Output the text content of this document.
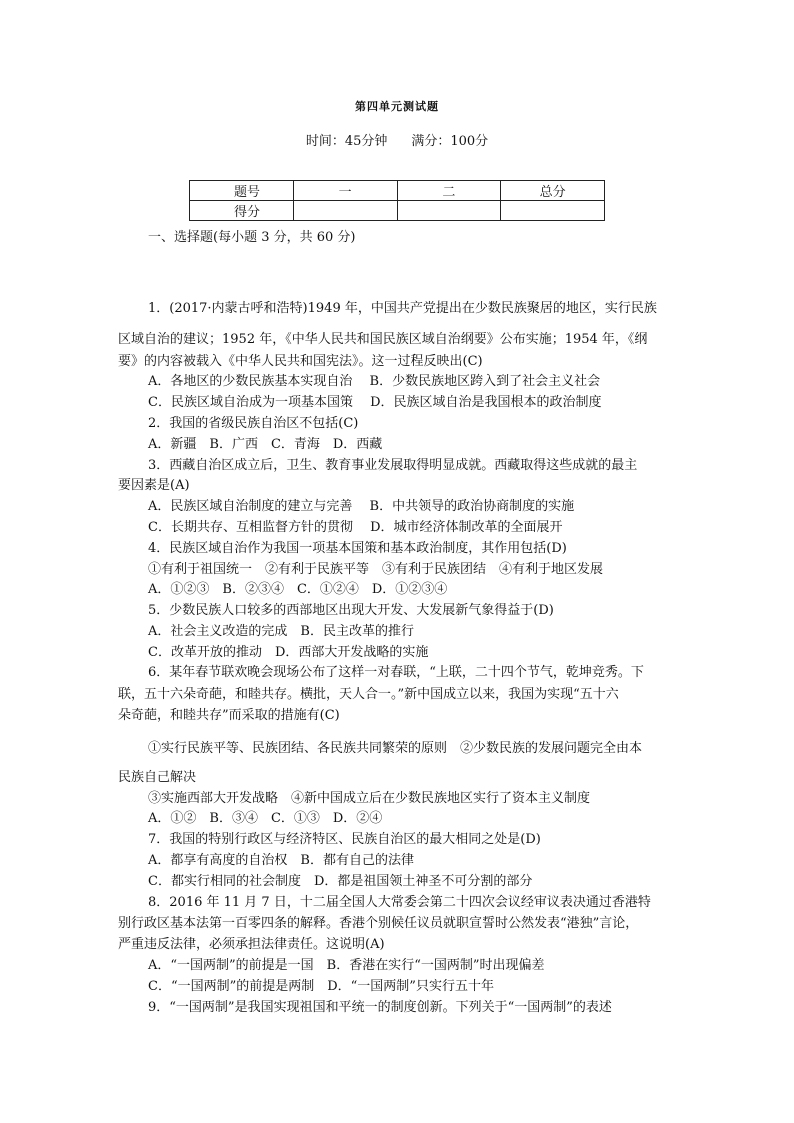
第四单元测试题
时间：45分钟 满分：100分
题号	一	二	总分
得分			
一、选择题(每小题 3 分，共 60 分)
1．(2017·内蒙古呼和浩特)1949 年，中国共产党提出在少数民族聚居的地区，实行民族
区域自治的建议；1952 年，《中华人民共和国民族区域自治纲要》公布实施；1954 年，《纲
要》的内容被载入《中华人民共和国宪法》。这一过程反映出(C)
A．各地区的少数民族基本实现自治　 B．少数民族地区跨入到了社会主义社会
C．民族区域自治成为一项基本国策　 D．民族区域自治是我国根本的政治制度
2．我国的省级民族自治区不包括(C)
A．新疆　B．广西　C．青海　D．西藏
3．西藏自治区成立后，卫生、教育事业发展取得明显成就。西藏取得这些成就的最主
要因素是(A)
A．民族区域自治制度的建立与完善　 B．中共领导的政治协商制度的实施
C．长期共存、互相监督方针的贯彻　 D．城市经济体制改革的全面展开
4．民族区域自治作为我国一项基本国策和基本政治制度，其作用包括(D)
①有利于祖国统一　②有利于民族平等　③有利于民族团结　④有利于地区发展
A．①②③　B．②③④　C．①②④　D．①②③④
5．少数民族人口较多的西部地区出现大开发、大发展新气象得益于(D)
A．社会主义改造的完成　B．民主改革的推行
C．改革开放的推动　D．西部大开发战略的实施
6．某年春节联欢晚会现场公布了这样一对春联，“上联，二十四个节气，乾坤竞秀。下
联，五十六朵奇葩，和睦共存。横批，天人合一。”新中国成立以来，我国为实现“五十六
朵奇葩，和睦共存”而采取的措施有(C)
①实行民族平等、民族团结、各民族共同繁荣的原则　②少数民族的发展问题完全由本
民族自己解决
③实施西部大开发战略　④新中国成立后在少数民族地区实行了资本主义制度
A．①②　B．③④　C．①③　D．②④
7．我国的特别行政区与经济特区、民族自治区的最大相同之处是(D)
A．都享有高度的自治权　B．都有自己的法律
C．都实行相同的社会制度　D．都是祖国领土神圣不可分割的部分
8．2016 年 11 月 7 日，十二届全国人大常委会第二十四次会议经审议表决通过香港特
别行政区基本法第一百零四条的解释。香港个别候任议员就职宣誓时公然发表“港独”言论，
严重违反法律，必须承担法律责任。这说明(A)
A．“一国两制”的前提是一国　B．香港在实行“一国两制”时出现偏差
C．“一国两制”的前提是两制　D．“一国两制”只实行五十年
9．“一国两制”是我国实现祖国和平统一的制度创新。下列关于“一国两制”的表述
